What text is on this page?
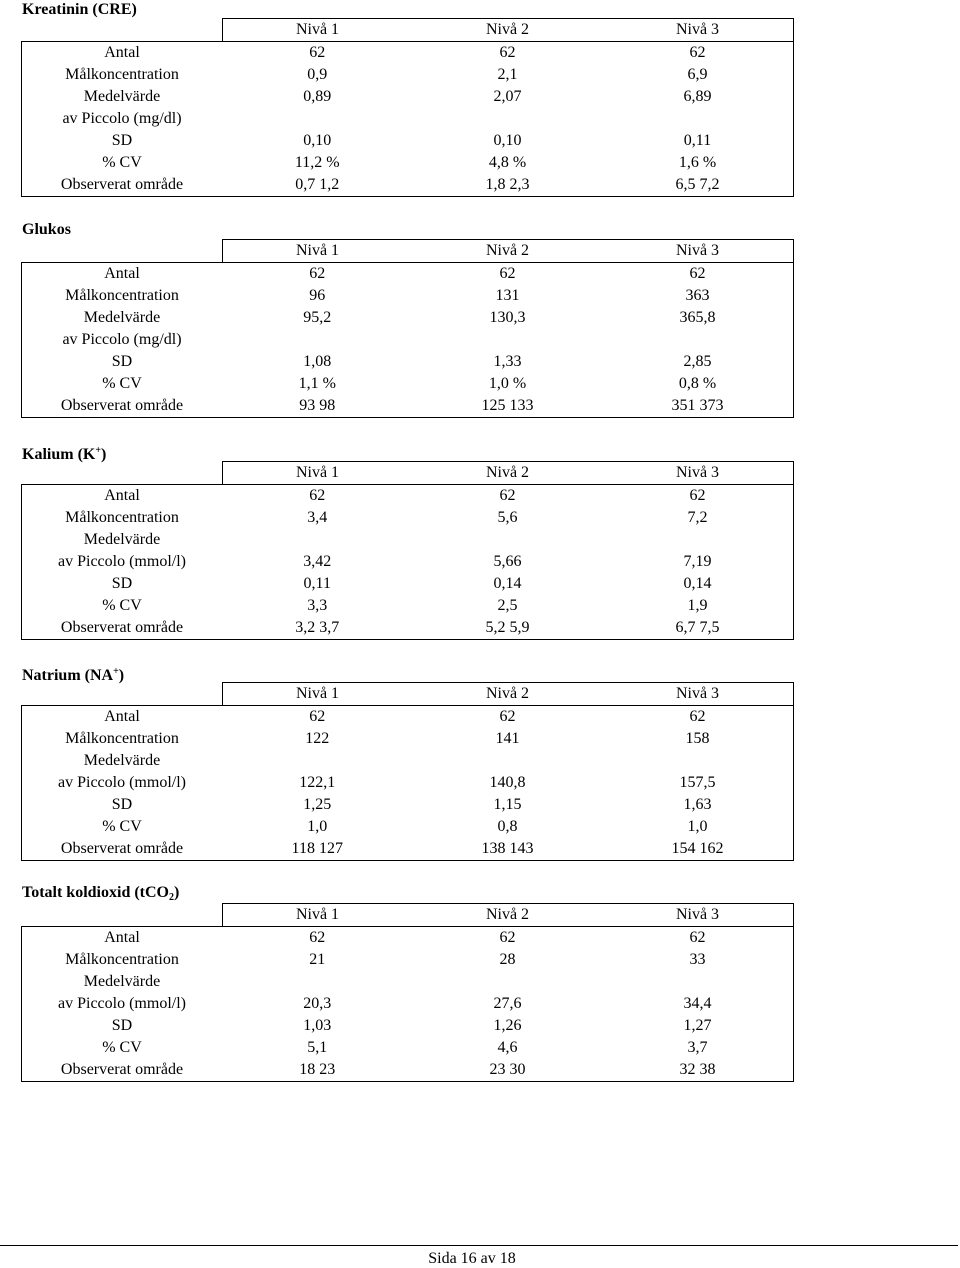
Kreatinin (CRE)
	Nivå 1	Nivå 2	Nivå 3
Antal	62	62	62
Målkoncentration	0,9	2,1	6,9
Medelvärde	0,89	2,07	6,89
av Piccolo (mg/dl)			
SD	0,10	0,10	0,11
% CV	11,2 %	4,8 %	1,6 %
Observerat område	0,7 1,2	1,8 2,3	6,5 7,2
Glukos
	Nivå 1	Nivå 2	Nivå 3
Antal	62	62	62
Målkoncentration	96	131	363
Medelvärde	95,2	130,3	365,8
av Piccolo (mg/dl)			
SD	1,08	1,33	2,85
% CV	1,1 %	1,0 %	0,8 %
Observerat område	93 98	125 133	351 373
Kalium (K+)
	Nivå 1	Nivå 2	Nivå 3
Antal	62	62	62
Målkoncentration	3,4	5,6	7,2
Medelvärde			
av Piccolo (mmol/l)	3,42	5,66	7,19
SD	0,11	0,14	0,14
% CV	3,3	2,5	1,9
Observerat område	3,2 3,7	5,2 5,9	6,7 7,5
Natrium (NA+)
	Nivå 1	Nivå 2	Nivå 3
Antal	62	62	62
Målkoncentration	122	141	158
Medelvärde			
av Piccolo (mmol/l)	122,1	140,8	157,5
SD	1,25	1,15	1,63
% CV	1,0	0,8	1,0
Observerat område	118 127	138 143	154 162
Totalt koldioxid (tCO$_2$)
	Nivå 1	Nivå 2	Nivå 3
Antal	62	62	62
Målkoncentration	21	28	33
Medelvärde			
av Piccolo (mmol/l)	20,3	27,6	34,4
SD	1,03	1,26	1,27
% CV	5,1	4,6	3,7
Observerat område	18 23	23 30	32 38
Sida 16 av 18
